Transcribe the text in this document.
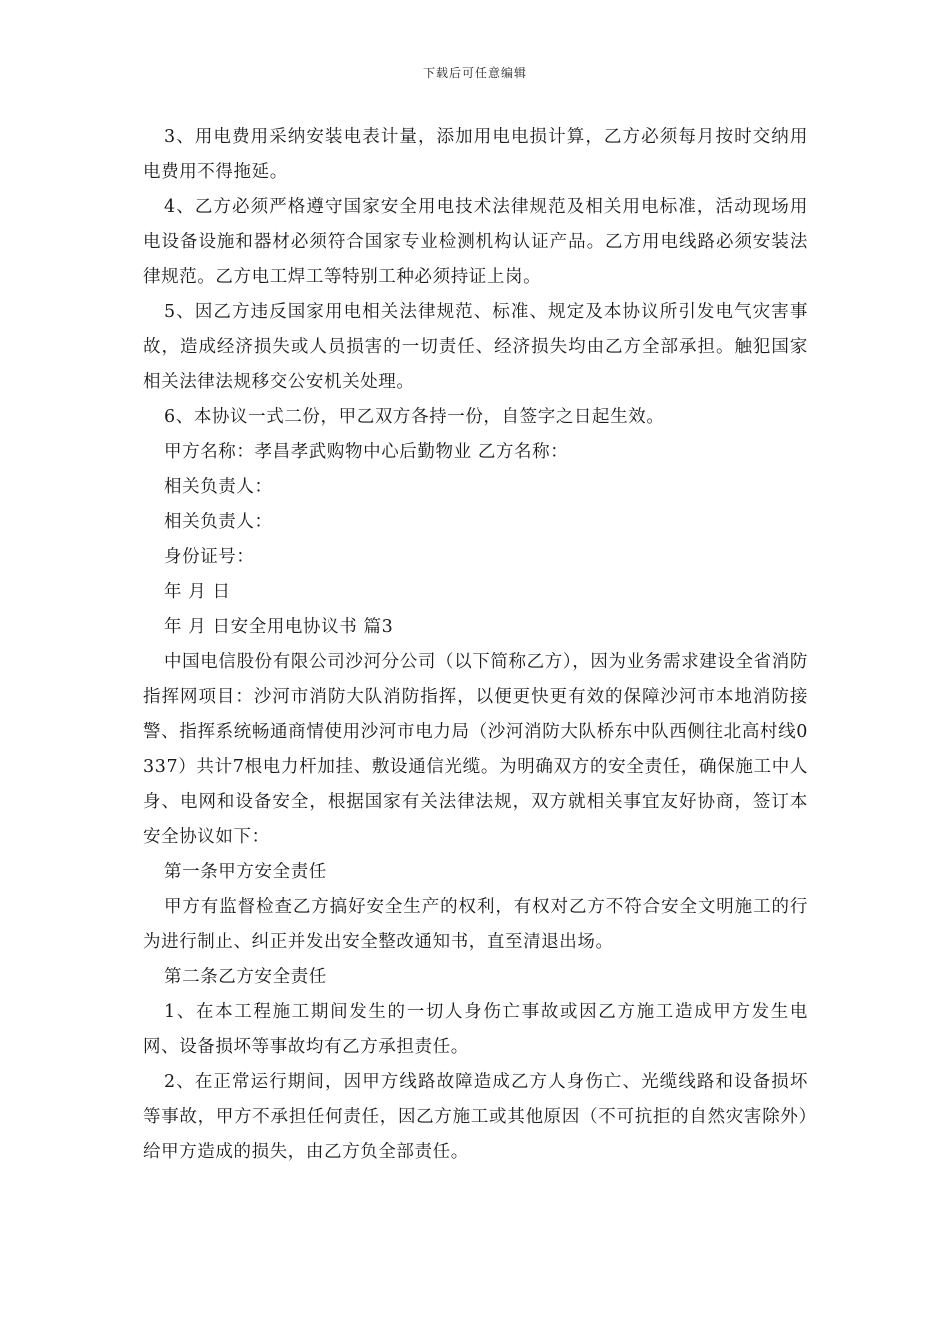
下载后可任意编辑

3、用电费用采纳安装电表计量，添加用电电损计算，乙方必须每月按时交纳用电费用不得拖延。

4、乙方必须严格遵守国家安全用电技术法律规范及相关用电标准，活动现场用电设备设施和器材必须符合国家专业检测机构认证产品。乙方用电线路必须安装法律规范。乙方电工焊工等特别工种必须持证上岗。

5、因乙方违反国家用电相关法律规范、标准、规定及本协议所引发电气灾害事故，造成经济损失或人员损害的一切责任、经济损失均由乙方全部承担。触犯国家相关法律法规移交公安机关处理。

6、本协议一式二份，甲乙双方各持一份，自签字之日起生效。

甲方名称：孝昌孝武购物中心后勤物业 乙方名称：

相关负责人：

相关负责人：

身份证号：

年 月 日

年 月 日安全用电协议书 篇3

中国电信股份有限公司沙河分公司（以下简称乙方），因为业务需求建设全省消防指挥网项目：沙河市消防大队消防指挥，以便更快更有效的保障沙河市本地消防接警、指挥系统畅通商情使用沙河市电力局（沙河消防大队桥东中队西侧往北高村线0337）共计7根电力杆加挂、敷设通信光缆。为明确双方的安全责任，确保施工中人身、电网和设备安全，根据国家有关法律法规，双方就相关事宜友好协商，签订本安全协议如下：

第一条甲方安全责任

甲方有监督检查乙方搞好安全生产的权利，有权对乙方不符合安全文明施工的行为进行制止、纠正并发出安全整改通知书，直至清退出场。

第二条乙方安全责任

1、在本工程施工期间发生的一切人身伤亡事故或因乙方施工造成甲方发生电网、设备损坏等事故均有乙方承担责任。

2、在正常运行期间，因甲方线路故障造成乙方人身伤亡、光缆线路和设备损坏等事故，甲方不承担任何责任，因乙方施工或其他原因（不可抗拒的自然灾害除外）给甲方造成的损失，由乙方负全部责任。
